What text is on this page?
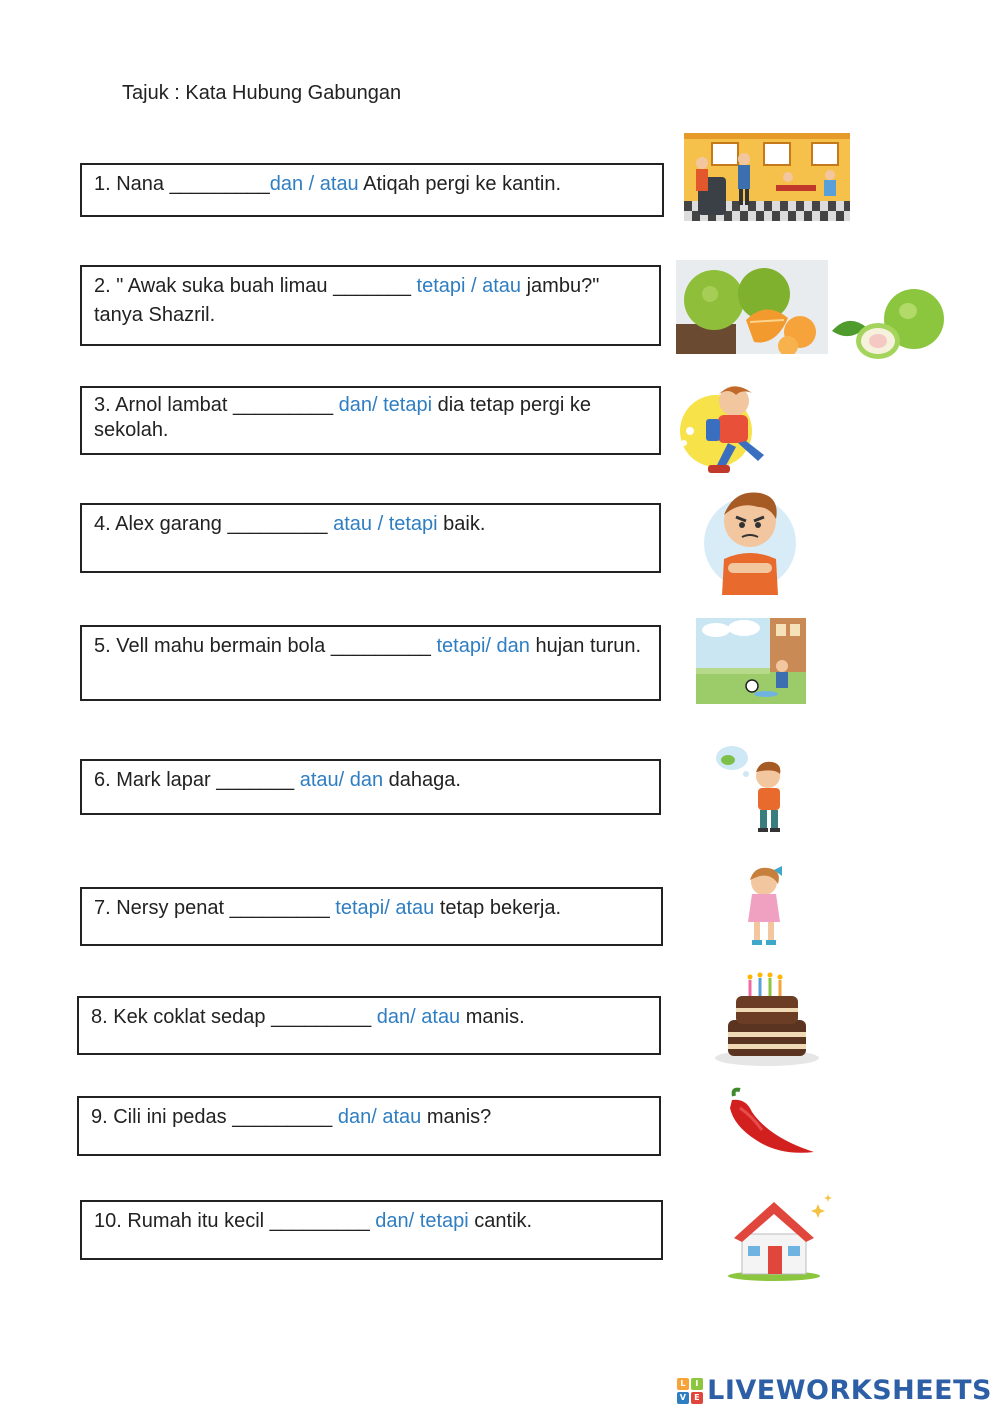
Tajuk : Kata Hubung Gabungan
1. Nana _________dan / atau Atiqah pergi ke kantin.
2. " Awak suka buah limau _______ tetapi / atau jambu?" tanya Shazril.
3. Arnol lambat _________ dan/ tetapi dia tetap pergi ke sekolah.
4. Alex garang _________ atau / tetapi baik.
5. Vell mahu bermain bola _________ tetapi/ dan hujan turun.
6. Mark lapar _______ atau/ dan dahaga.
7. Nersy penat _________ tetapi/ atau tetap bekerja.
8. Kek coklat sedap _________ dan/ atau manis.
9. Cili ini pedas _________ dan/ atau manis?
10. Rumah itu kecil _________ dan/ tetapi cantik.
L	I
V E LIVEWORKSHEETS
